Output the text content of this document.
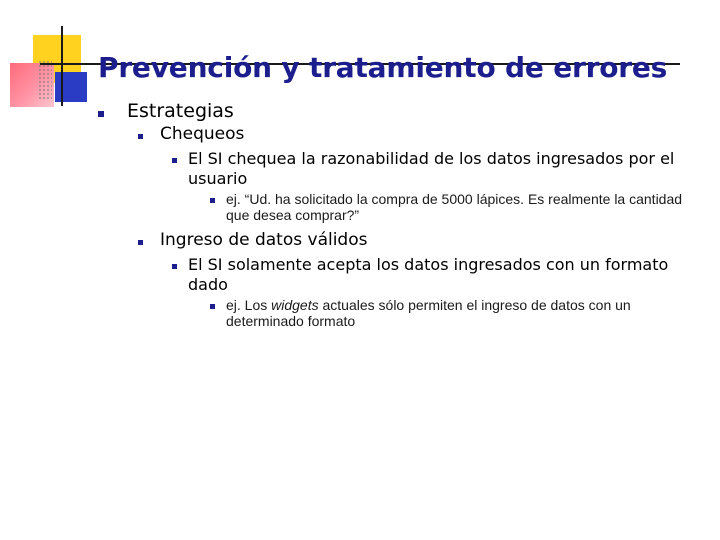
Prevención y tratamiento de errores
Estrategias
Chequeos
El SI chequea la razonabilidad de los datos ingresados por el usuario
ej. “Ud. ha solicitado la compra de 5000 lápices. Es realmente la cantidad que desea comprar?”
Ingreso de datos válidos
El SI solamente acepta los datos ingresados con un formato dado
ej. Los widgets actuales sólo permiten el ingreso de datos con un determinado formato
